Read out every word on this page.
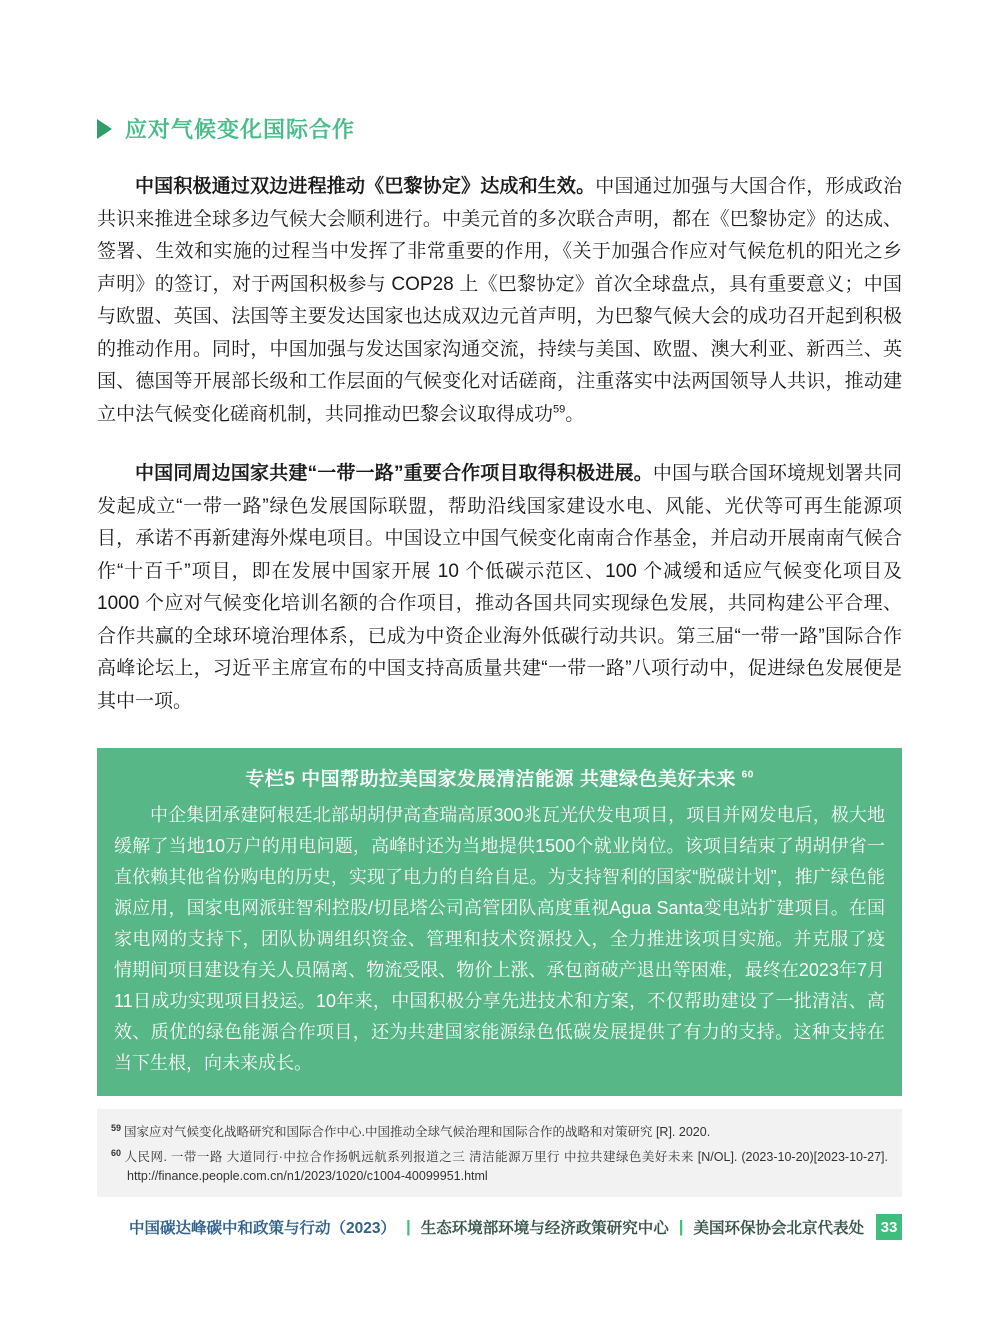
应对气候变化国际合作

中国积极通过双边进程推动《巴黎协定》达成和生效。中国通过加强与大国合作，形成政治共识来推进全球多边气候大会顺利进行。中美元首的多次联合声明，都在《巴黎协定》的达成、签署、生效和实施的过程当中发挥了非常重要的作用，《关于加强合作应对气候危机的阳光之乡声明》的签订，对于两国积极参与 COP28 上《巴黎协定》首次全球盘点，具有重要意义；中国与欧盟、英国、法国等主要发达国家也达成双边元首声明，为巴黎气候大会的成功召开起到积极的推动作用。同时，中国加强与发达国家沟通交流，持续与美国、欧盟、澳大利亚、新西兰、英国、德国等开展部长级和工作层面的气候变化对话磋商，注重落实中法两国领导人共识，推动建立中法气候变化磋商机制，共同推动巴黎会议取得成功$^{59}$。

中国同周边国家共建“一带一路”重要合作项目取得积极进展。中国与联合国环境规划署共同发起成立“一带一路”绿色发展国际联盟，帮助沿线国家建设水电、风能、光伏等可再生能源项目，承诺不再新建海外煤电项目。中国设立中国气候变化南南合作基金，并启动开展南南气候合作“十百千”项目，即在发展中国家开展 10 个低碳示范区、100 个减缓和适应气候变化项目及 1000 个应对气候变化培训名额的合作项目，推动各国共同实现绿色发展，共同构建公平合理、合作共赢的全球环境治理体系，已成为中资企业海外低碳行动共识。第三届“一带一路”国际合作高峰论坛上，习近平主席宣布的中国支持高质量共建“一带一路”八项行动中，促进绿色发展便是其中一项。

专栏5 中国帮助拉美国家发展清洁能源 共建绿色美好未来 $^{60}$

中企集团承建阿根廷北部胡胡伊高查瑞高原300兆瓦光伏发电项目，项目并网发电后，极大地缓解了当地10万户的用电问题，高峰时还为当地提供1500个就业岗位。该项目结束了胡胡伊省一直依赖其他省份购电的历史，实现了电力的自给自足。为支持智利的国家“脱碳计划”，推广绿色能源应用，国家电网派驻智利控股/切昆塔公司高管团队高度重视Agua Santa变电站扩建项目。在国家电网的支持下，团队协调组织资金、管理和技术资源投入，全力推进该项目实施。并克服了疫情期间项目建设有关人员隔离、物流受限、物价上涨、承包商破产退出等困难，最终在2023年7月11日成功实现项目投运。10年来，中国积极分享先进技术和方案，不仅帮助建设了一批清洁、高效、质优的绿色能源合作项目，还为共建国家能源绿色低碳发展提供了有力的支持。这种支持在当下生根，向未来成长。

$^{59}$ 国家应对气候变化战略研究和国际合作中心.中国推动全球气候治理和国际合作的战略和对策研究 [R]. 2020.
$^{60}$ 人民网. 一带一路 大道同行·中拉合作扬帆远航系列报道之三 清洁能源万里行 中拉共建绿色美好未来 [N/OL]. (2023-10-20)[2023-10-27]. http://finance.people.com.cn/n1/2023/1020/c1004-40099951.html
中国碳达峰碳中和政策与行动（2023） | 生态环境部环境与经济政策研究中心 | 美国环保协会北京代表处	33
